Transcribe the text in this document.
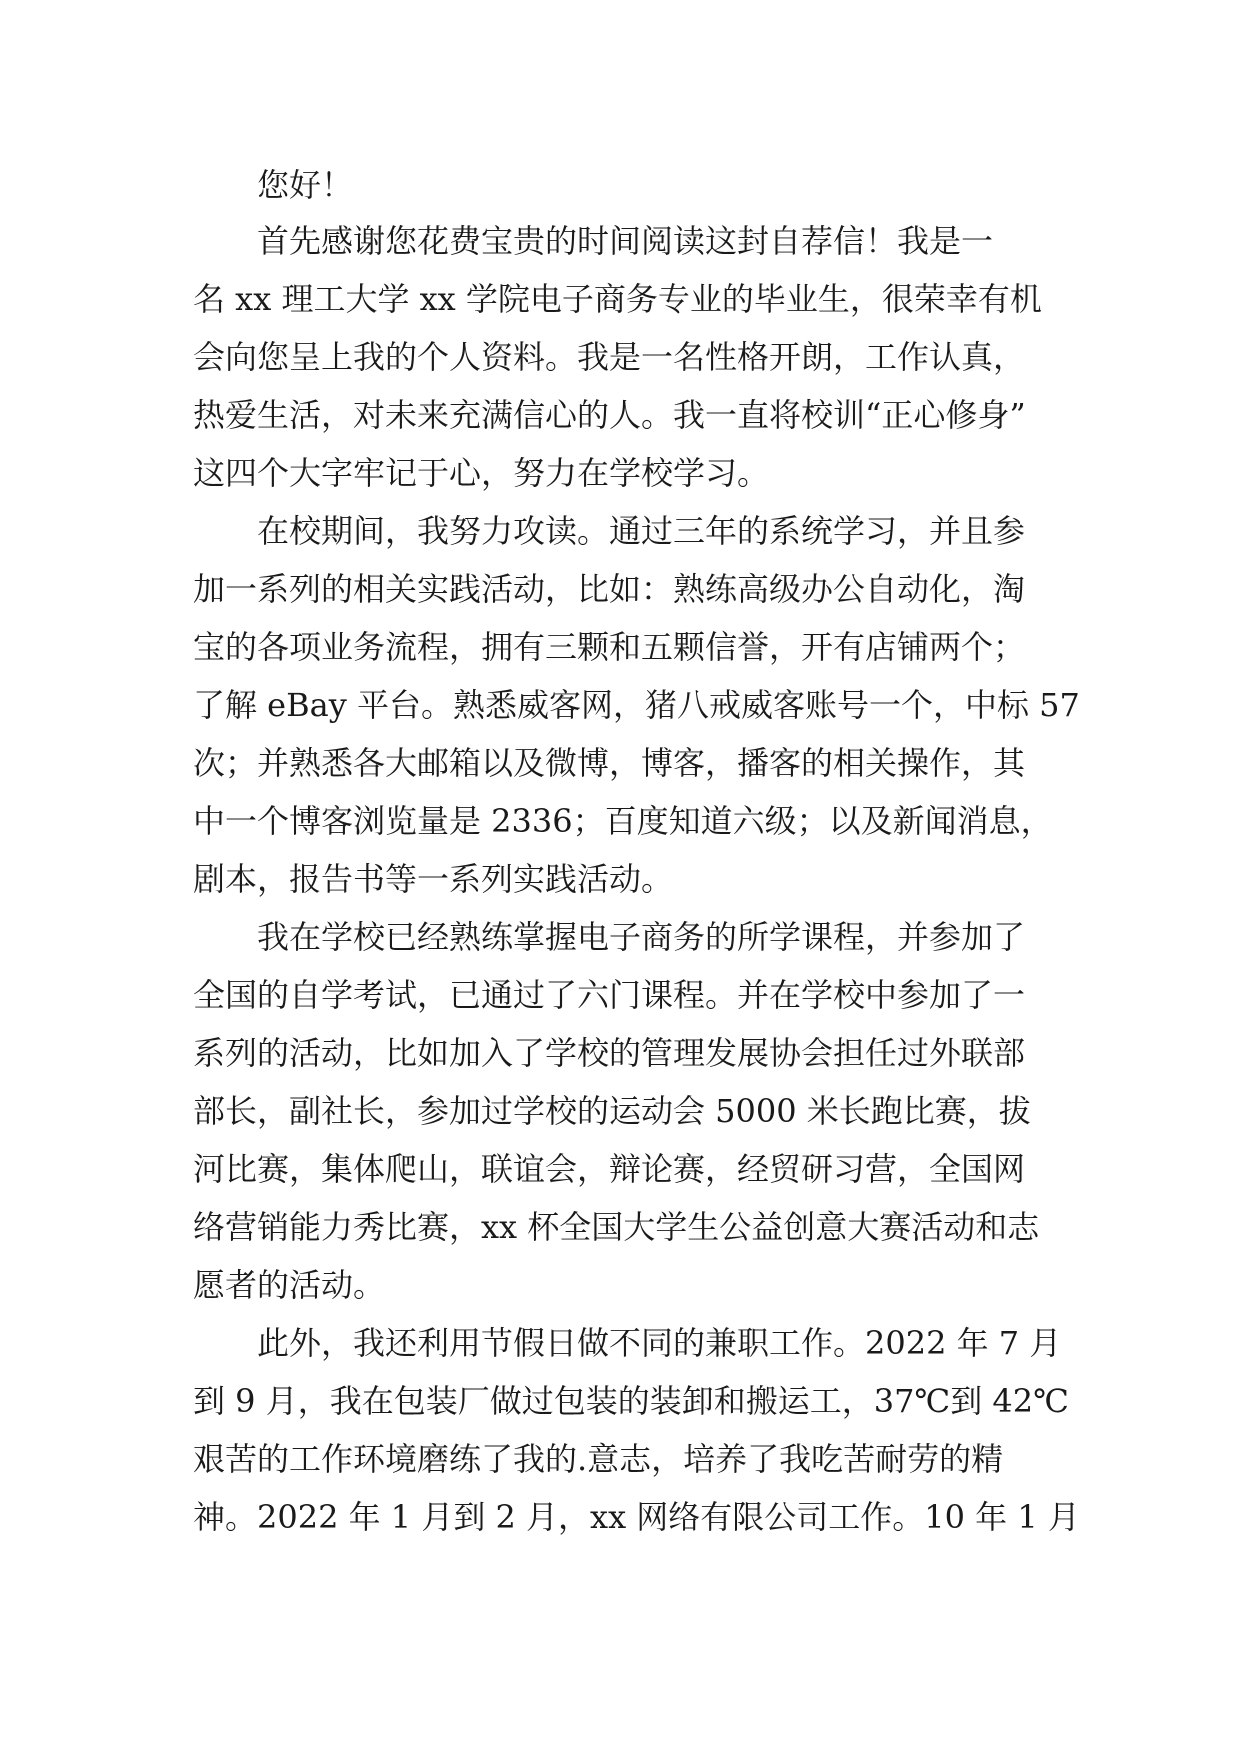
您好！

首先感谢您花费宝贵的时间阅读这封自荐信！我是一

名 xx 理工大学 xx 学院电子商务专业的毕业生，很荣幸有机

会向您呈上我的个人资料。我是一名性格开朗，工作认真，

热爱生活，对未来充满信心的人。我一直将校训“正心修身”

这四个大字牢记于心，努力在学校学习。

在校期间，我努力攻读。通过三年的系统学习，并且参

加一系列的相关实践活动，比如：熟练高级办公自动化，淘

宝的各项业务流程，拥有三颗和五颗信誉，开有店铺两个；

了解 eBay 平台。熟悉威客网，猪八戒威客账号一个，中标 57

次；并熟悉各大邮箱以及微博，博客，播客的相关操作，其

中一个博客浏览量是 2336；百度知道六级；以及新闻消息，

剧本，报告书等一系列实践活动。

我在学校已经熟练掌握电子商务的所学课程，并参加了

全国的自学考试，已通过了六门课程。并在学校中参加了一

系列的活动，比如加入了学校的管理发展协会担任过外联部

部长，副社长，参加过学校的运动会 5000 米长跑比赛，拔

河比赛，集体爬山，联谊会，辩论赛，经贸研习营，全国网

络营销能力秀比赛，xx 杯全国大学生公益创意大赛活动和志

愿者的活动。

此外，我还利用节假日做不同的兼职工作。2022 年 7 月

到 9 月，我在包装厂做过包装的装卸和搬运工，37℃到 42℃

艰苦的工作环境磨练了我的.意志，培养了我吃苦耐劳的精

神。2022 年 1 月到 2 月，xx 网络有限公司工作。10 年 1 月
